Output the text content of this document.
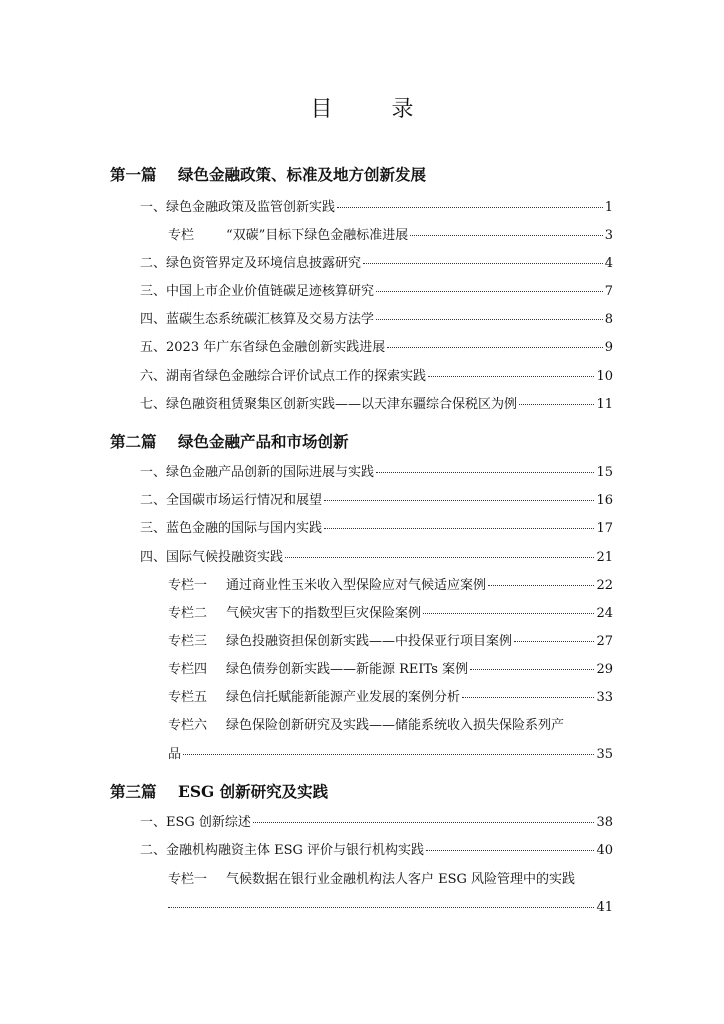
目 录
第一篇 绿色金融政策、标准及地方创新发展
一、绿色金融政策及监管创新实践	1
专栏 “双碳”目标下绿色金融标准进展	3
二、绿色资管界定及环境信息披露研究	4
三、中国上市企业价值链碳足迹核算研究	7
四、蓝碳生态系统碳汇核算及交易方法学	8
五、2023 年广东省绿色金融创新实践进展	9
六、湖南省绿色金融综合评价试点工作的探索实践	10
七、绿色融资租赁聚集区创新实践——以天津东疆综合保税区为例	11
第二篇 绿色金融产品和市场创新
一、绿色金融产品创新的国际进展与实践	15
二、全国碳市场运行情况和展望	16
三、蓝色金融的国际与国内实践	17
四、国际气候投融资实践	21
专栏一 通过商业性玉米收入型保险应对气候适应案例	22
专栏二 气候灾害下的指数型巨灾保险案例	24
专栏三 绿色投融资担保创新实践——中投保亚行项目案例	27
专栏四 绿色债券创新实践——新能源 REITs 案例	29
专栏五 绿色信托赋能新能源产业发展的案例分析	33
专栏六 绿色保险创新研究及实践——储能系统收入损失保险系列产
品	35
第三篇 ESG 创新研究及实践
一、ESG 创新综述	38
二、金融机构融资主体 ESG 评价与银行机构实践	40
专栏一 气候数据在银行业金融机构法人客户 ESG 风险管理中的实践
41
